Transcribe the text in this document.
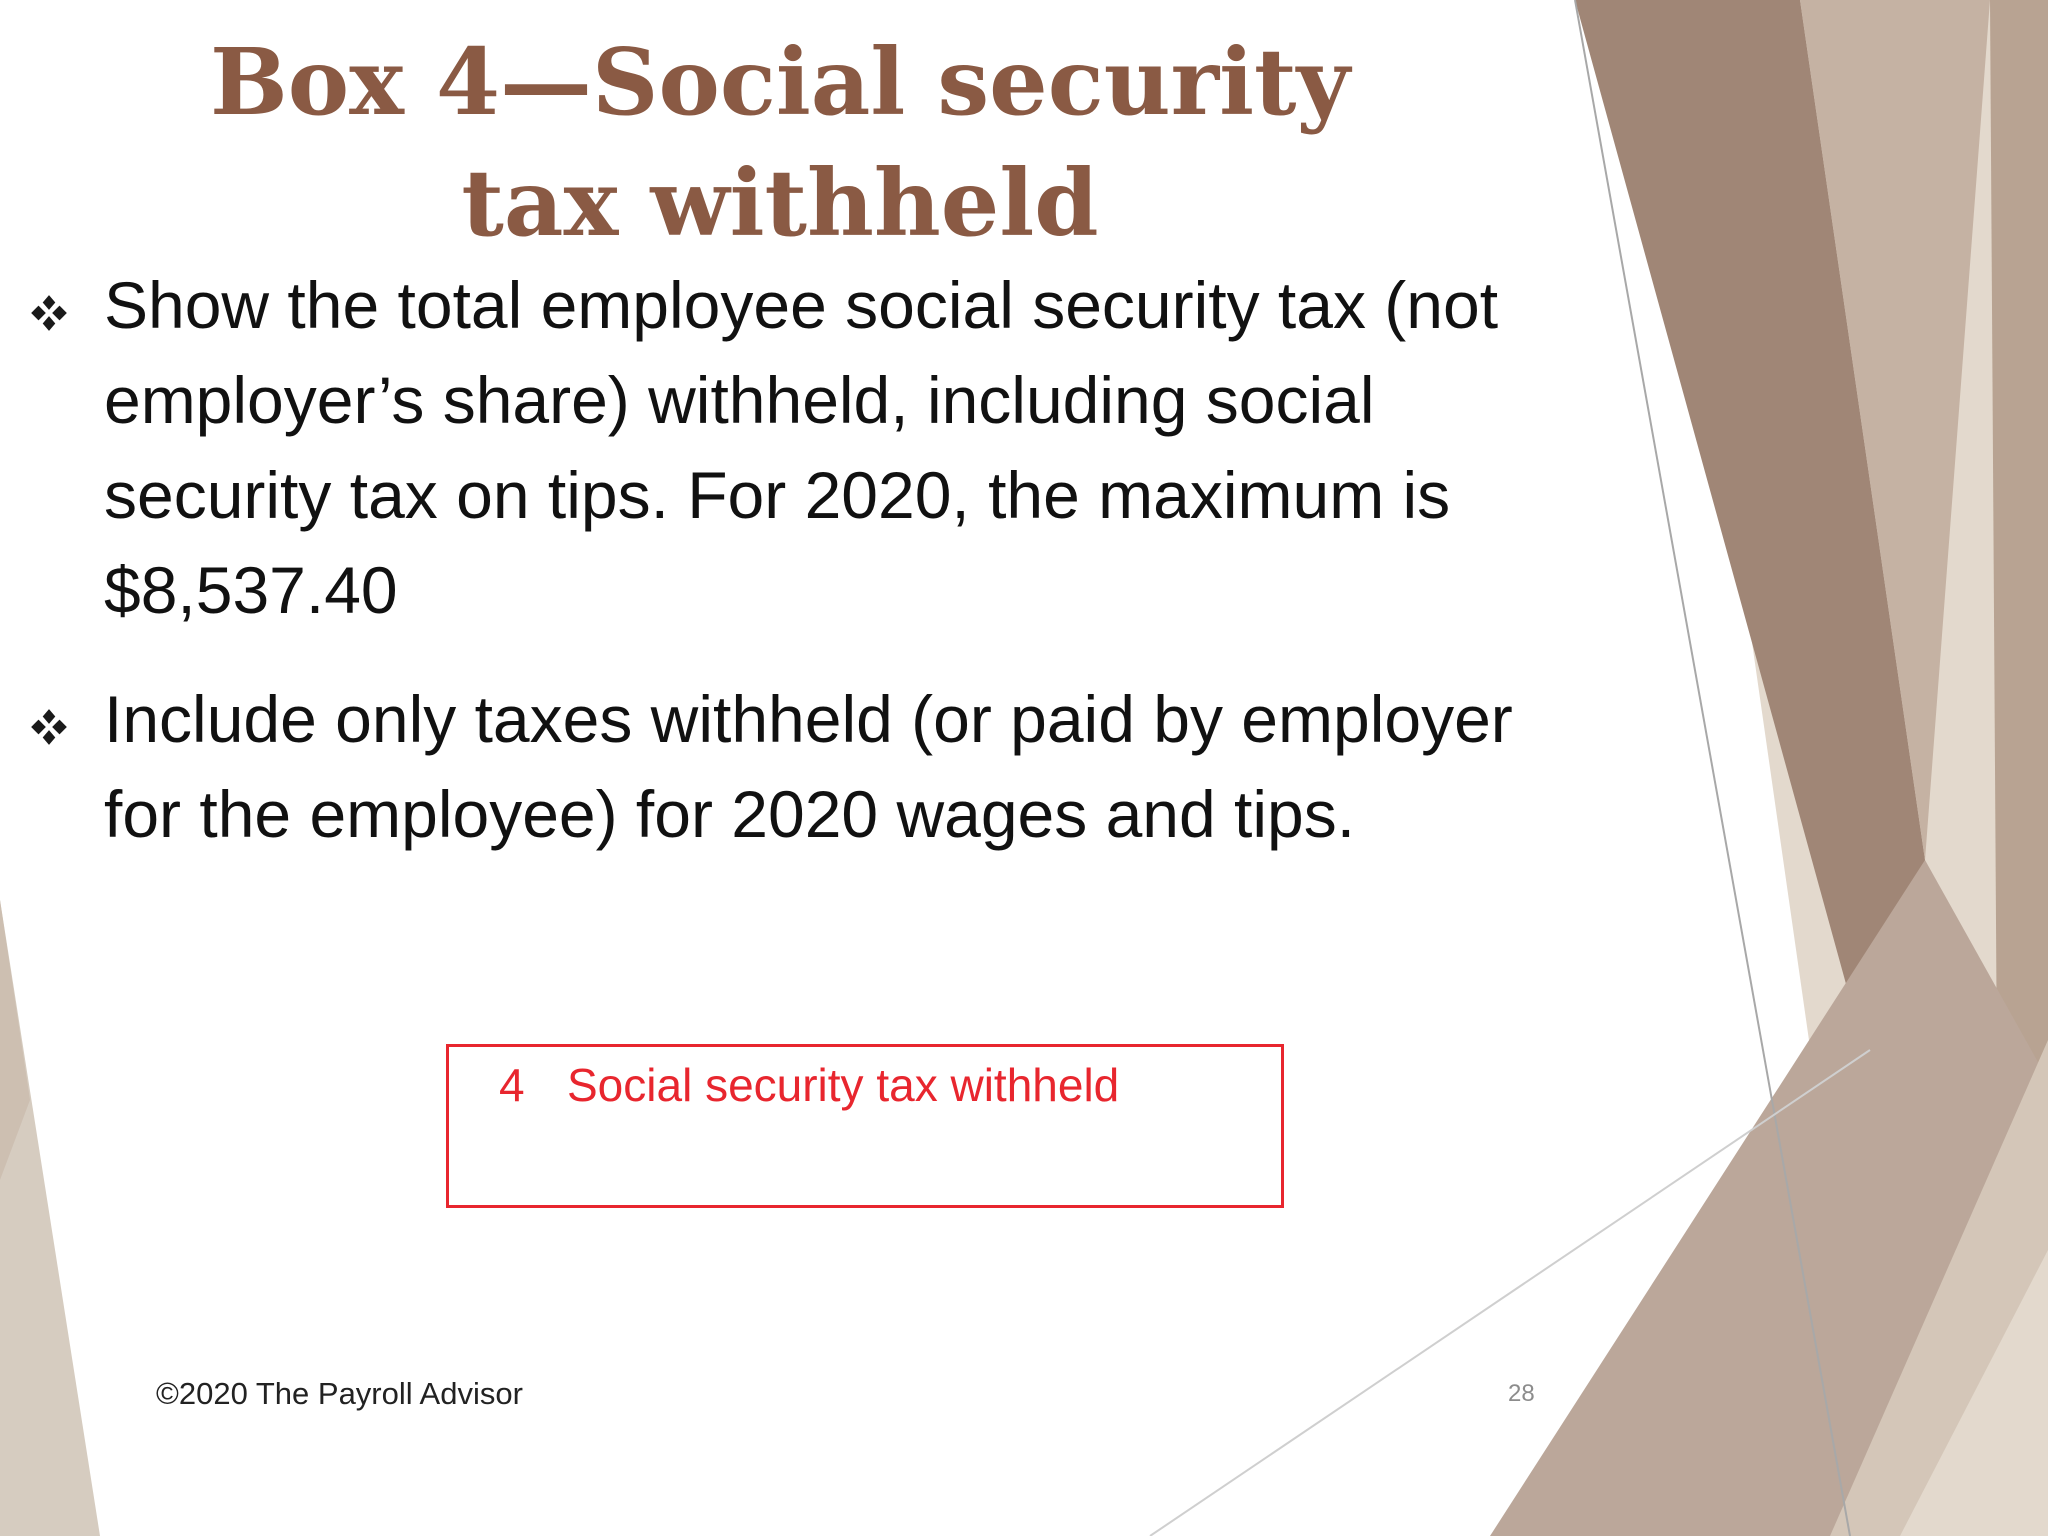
Box 4—Social security tax withheld
Show the total employee social security tax (not employer’s share) withheld, including social security tax on tips. For 2020, the maximum is $8,537.40
Include only taxes withheld (or paid by employer for the employee) for 2020 wages and tips.
4 Social security tax withheld
©2020 The Payroll Advisor	28
